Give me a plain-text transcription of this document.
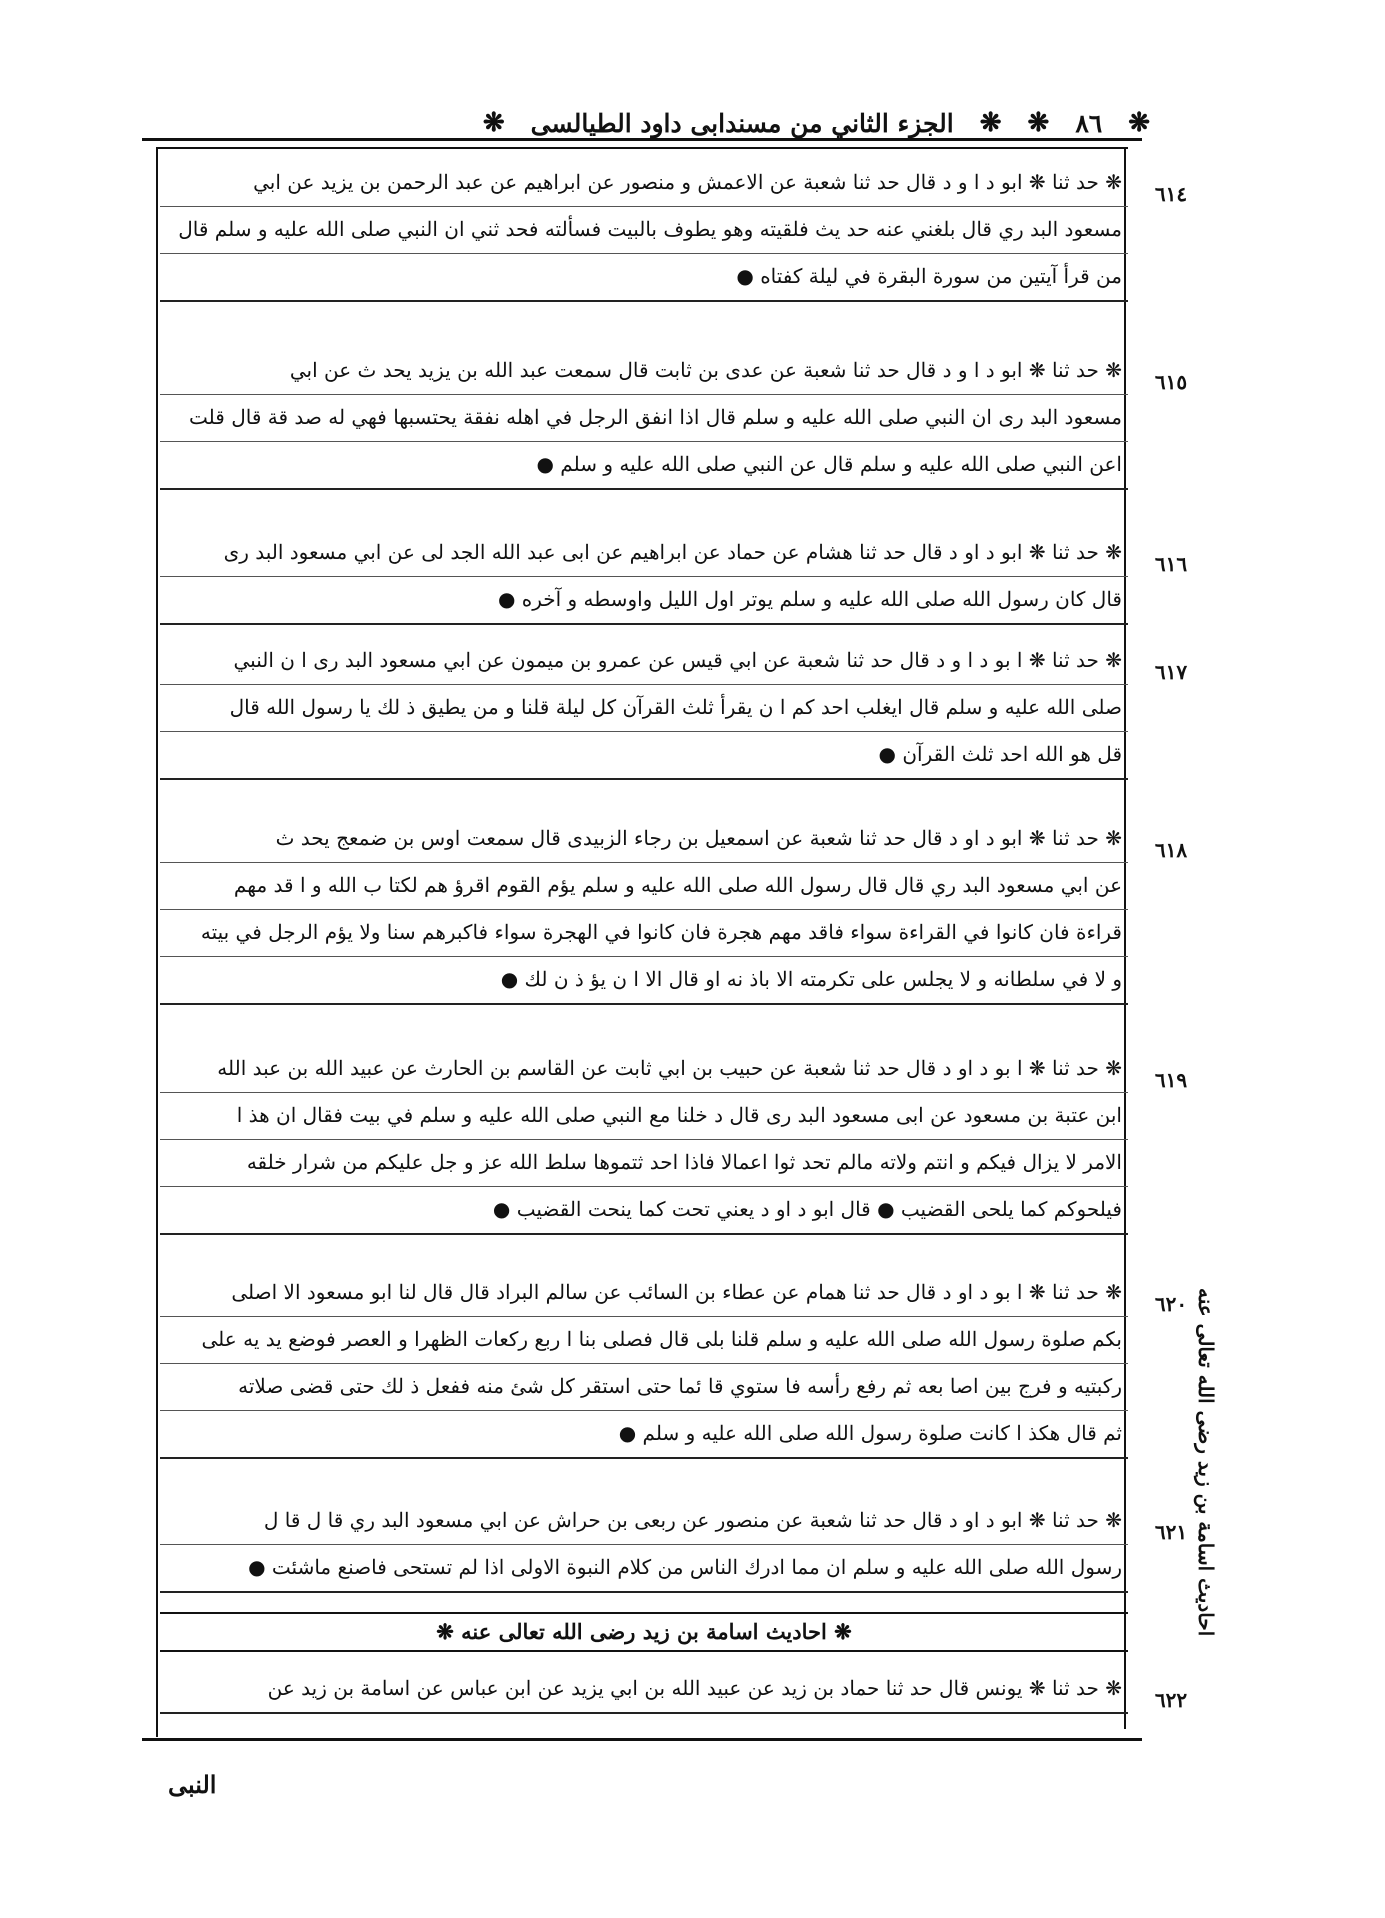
❋
٨٦
❋
❋
الجزء الثاني من مسندابى داود الطيالسى
❋
٦١٤
❋ حد ثنا ❋ ابو د ا و د قال حد ثنا شعبة عن الاعمش و منصور عن ابراهيم عن عبد الرحمن بن يزيد عن ابي
مسعود البد ري قال بلغني عنه حد يث فلقيته وهو يطوف بالبيت فسألته فحد ثني ان النبي صلى الله عليه و سلم قال
من قرأ آيتين من سورة البقرة في ليلة كفتاه ●
٦١٥
❋ حد ثنا ❋ ابو د ا و د قال حد ثنا شعبة عن عدى بن ثابت قال سمعت عبد الله بن يزيد يحد ث عن ابي
مسعود البد رى ان النبي صلى الله عليه و سلم قال اذا انفق الرجل في اهله نفقة يحتسبها فهي له صد قة قال قلت
اعن النبي صلى الله عليه و سلم قال عن النبي صلى الله عليه و سلم ●
٦١٦
❋ حد ثنا ❋ ابو د او د قال حد ثنا هشام عن حماد عن ابراهيم عن ابى عبد الله الجد لى عن ابي مسعود البد رى
قال كان رسول الله صلى الله عليه و سلم يوتر اول الليل واوسطه و آخره ●
٦١٧
❋ حد ثنا ❋ ا بو د ا و د قال حد ثنا شعبة عن ابي قيس عن عمرو بن ميمون عن ابي مسعود البد رى ا ن النبي
صلى الله عليه و سلم قال ايغلب احد كم ا ن يقرأ ثلث القرآن كل ليلة قلنا و من يطيق ذ لك يا رسول الله قال
قل هو الله احد ثلث القرآن ●
٦١٨
❋ حد ثنا ❋ ابو د او د قال حد ثنا شعبة عن اسمعيل بن رجاء الزبيدى قال سمعت اوس بن ضمعج يحد ث
عن ابي مسعود البد ري قال قال رسول الله صلى الله عليه و سلم يؤم القوم اقرؤ هم لكتا ب الله و ا قد مهم
قراءة فان كانوا في القراءة سواء فاقد مهم هجرة فان كانوا في الهجرة سواء فاكبرهم سنا ولا يؤم الرجل في بيته
و لا في سلطانه و لا يجلس على تكرمته الا باذ نه او قال الا ا ن يؤ ذ ن لك ●
٦١٩
❋ حد ثنا ❋ ا بو د او د قال حد ثنا شعبة عن حبيب بن ابي ثابت عن القاسم بن الحارث عن عبيد الله بن عبد الله
ابن عتبة بن مسعود عن ابى مسعود البد رى قال د خلنا مع النبي صلى الله عليه و سلم في بيت فقال ان هذ ا
الامر لا يزال فيكم و انتم ولاته مالم تحد ثوا اعمالا فاذا احد ثتموها سلط الله عز و جل عليكم من شرار خلقه
فيلحوكم كما يلحى القضيب ● قال ابو د او د يعني تحت كما ينحت القضيب ●
٦٢٠
❋ حد ثنا ❋ ا بو د او د قال حد ثنا همام عن عطاء بن السائب عن سالم البراد قال قال لنا ابو مسعود الا اصلى
بكم صلوة رسول الله صلى الله عليه و سلم قلنا بلى قال فصلى بنا ا ربع ركعات الظهرا و العصر فوضع يد يه على
ركبتيه و فرج بين اصا بعه ثم رفع رأسه فا ستوي قا ئما حتى استقر كل شئ منه ففعل ذ لك حتى قضى صلاته
ثم قال هكذ ا كانت صلوة رسول الله صلى الله عليه و سلم ●
٦٢١
❋ حد ثنا ❋ ابو د او د قال حد ثنا شعبة عن منصور عن ربعى بن حراش عن ابي مسعود البد ري قا ل قا ل
رسول الله صلى الله عليه و سلم ان مما ادرك الناس من كلام النبوة الاولى اذا لم تستحى فاصنع ماشئت ●
❋ احاديث اسامة بن زيد رضى الله تعالى عنه ❋
٦٢٢
❋ حد ثنا ❋ يونس قال حد ثنا حماد بن زيد عن عبيد الله بن ابي يزيد عن ابن عباس عن اسامة بن زيد عن
احاديث اسامة بن زيد رضى الله تعالى عنه
النبى
